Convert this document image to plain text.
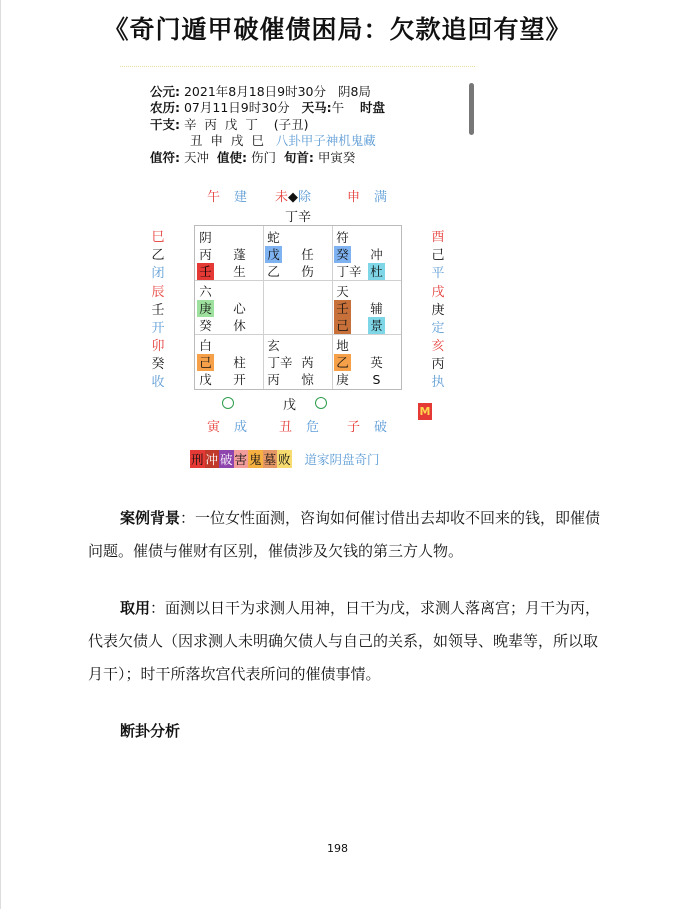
《奇门遁甲破催债困局：欠款追回有望》
公元: 2021年8月18日9时30分 阴8局
农历: 07月11日9时30分 天马:午 时盘
干支: 辛  丙  戊  丁 (子丑)
丑  申  戌  巳 八卦甲子神机鬼藏
值符: 天冲 值使: 伤门 旬首: 甲寅癸
午 建 未◆除	申 满
丁辛
巳
乙
闭
辰
壬
开
卯
癸
收
酉
己
平
戌
庚
定
亥
丙
执
阴
丙 蓬
壬 生
蛇
戊 任
乙 伤
符
癸 冲
丁辛 杜
六
庚 心
癸 休
天
壬 辅
己 景
白
己 柱
戊 开
玄
丁辛 芮
丙 惊
地
乙 英
庚 S
戊	M
寅 成 丑 危 子 破
刑 冲 破 害 鬼 墓 败 道家阴盘奇门
案例背景：一位女性面测，咨询如何催讨借出去却收不回来的钱，即催债问题。催债与催财有区别，催债涉及欠钱的第三方人物。
取用：面测以日干为求测人用神，日干为戊，求测人落离宫；月干为丙，代表欠债人（因求测人未明确欠债人与自己的关系，如领导、晚辈等，所以取月干）；时干所落坎宫代表所问的催债事情。
断卦分析
198
